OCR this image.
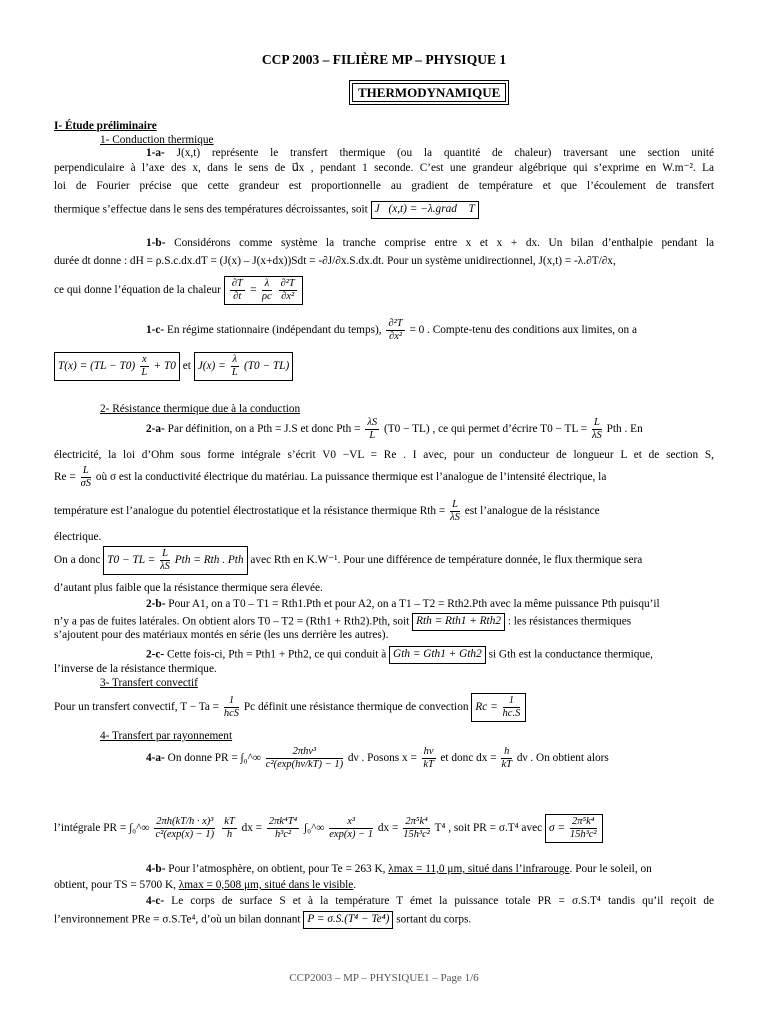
CCP 2003 – FILIÈRE MP – PHYSIQUE 1
THERMODYNAMIQUE
I- Étude préliminaire
1- Conduction thermique
1-a- J(x,t) représente le transfert thermique (ou la quantité de chaleur) traversant une section unité
perpendiculaire à l’axe des x, dans le sens de u⃗x , pendant 1 seconde. C’est une grandeur algébrique qui s’exprime en W.m⁻². La
loi de Fourier précise que cette grandeur est proportionnelle au gradient de température et que l’écoulement de transfert
thermique s’effectue dans le sens des températures décroissantes, soit J⃗(x,t) = −λ.grad⃗ T
1-b- Considérons comme système la tranche comprise entre x et x + dx. Un bilan d’enthalpie pendant la
durée dt donne : dH = ρ.S.c.dx.dT = (J(x) – J(x+dx))Sdt = -∂J/∂x.S.dx.dt. Pour un système unidirectionnel, J(x,t) = -λ.∂T/∂x,
ce qui donne l’équation de la chaleur $\frac{\partial T}{\partial t} = \frac{\lambda}{\rho c}$
$\frac{\text{∂²T}}{\text{∂x²}}$
1-c- En régime stationnaire (indépendant du temps), $\frac{\text{∂²T}}{\text{∂x²}} = 0$ . Compte-tenu des conditions aux limites, on a
$T(x) = (TL - T0) \frac{x}{L} + T0$ et $J(x) = \frac{\lambda}{L} (T0 - TL)$
2- Résistance thermique due à la conduction
2-a- Par définition, on a Pth = J.S et donc Pth = $\frac{\lambda S}{L} (T0 - TL)$ , ce qui permet d’écrire T0 − TL = $\frac{L}{\lambda S}$ Pth . En
électricité, la loi d’Ohm sous forme intégrale s’écrit V0 −VL = Re . I avec, pour un conducteur de longueur L et de section S,
$Re = \frac{L}{\sigma S}$ où σ est la conductivité électrique du matériau. La puissance thermique est l’analogue de l’intensité électrique, la
température est l’analogue du potentiel électrostatique et la résistance thermique Rth = $\frac{L}{\lambda S}$ est l’analogue de la résistance
électrique.
On a donc T0 − TL = $\frac{L}{\lambda S}$ Pth = Rth . Pth avec Rth en K.W⁻¹. Pour une différence de température donnée, le flux thermique sera
d’autant plus faible que la résistance thermique sera élevée.
2-b- Pour A1, on a T0 – T1 = Rth1.Pth et pour A2, on a T1 – T2 = Rth2.Pth avec la même puissance Pth puisqu’il
n’y a pas de fuites latérales. On obtient alors T0 – T2 = (Rth1 + Rth2).Pth, soit Rth = Rth1 + Rth2 : les résistances thermiques
s’ajoutent pour des matériaux montés en série (les uns derrière les autres).
2-c- Cette fois-ci, Pth = Pth1 + Pth2, ce qui conduit à Gth = Gth1 + Gth2 si Gth est la conductance thermique,
l’inverse de la résistance thermique.
3- Transfert convectif
Pour un transfert convectif, $T - Ta = \frac{1}{\text{hcS}}$ Pc définit une résistance thermique de convection $Rc = \frac{1}{hc.S}$
4- Transfert par rayonnement
4-a- On donne PR = ∫₀^∞ $\frac{\text{2πhν³}}{\text{c²(exp(hν/kT) − 1)}}$ dν . Posons $x = \frac{h\nu}{kT}$ et donc dx = $\frac{h}{kT}$ dν . On obtient alors
l’intégrale PR = ∫₀^∞ $\frac{\text{2πh(kT/h · x)³}}{\text{c²(exp(x) − 1)}}$
$\frac{kT}{h}$ dx = $\frac{\text{2πk⁴T⁴}}{\text{h³c²}}$ ∫₀^∞ $\frac{\text{x³}}{\exp(x) - 1}$ dx = $\frac{\text{2π⁵k⁴}}{\text{15h³c²}} T^4$ , soit PR = σ.T⁴ avec $\sigma = \frac{\text{2π⁵k⁴}}{\text{15h³c²}}$
4-b- Pour l’atmosphère, on obtient, pour Te = 263 K, λmax = 11,0 μm, situé dans l’infrarouge. Pour le soleil, on
obtient, pour TS = 5700 K, λmax = 0,508 μm, situé dans le visible.
4-c- Le corps de surface S et à la température T émet la puissance totale PR = σ.S.T⁴ tandis qu’il reçoit de
l’environnement PRe = σ.S.Te⁴, d’où un bilan donnant P = σ.S.(T⁴ − Te⁴) sortant du corps.
CCP2003 – MP – PHYSIQUE1 – Page 1/6
